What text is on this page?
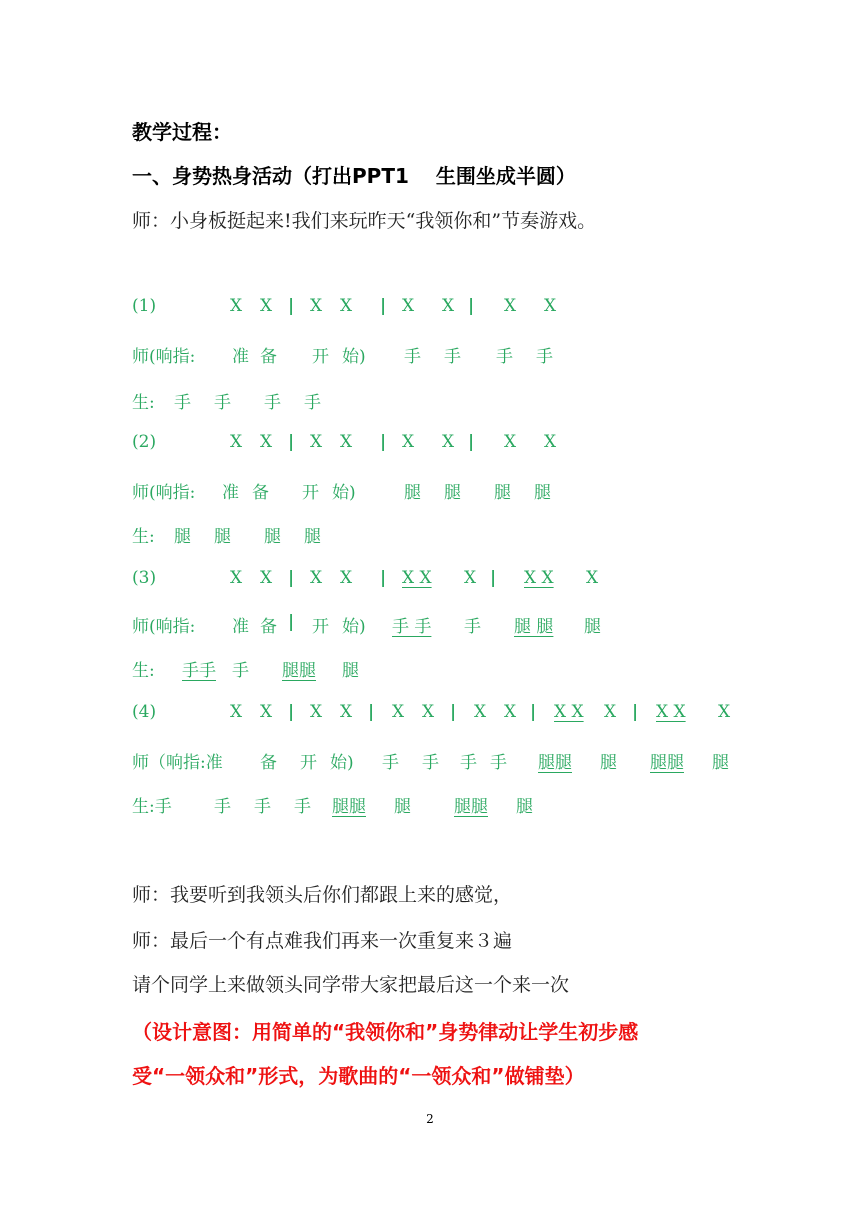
教学过程：
一、身势热身活动（打出PPT1　 生围坐成半圆）
师：小身板挺起来!我们来玩昨天“我领你和”节奏游戏。
(1)	X X | X X | X X | X X
师(响指: 准 备 开 始) 手 手 手 手
生: 手 手 手 手
(2)	X X | X X | X X | X X
师(响指: 准 备 开 始)	腿 腿 腿 腿
生: 腿 腿 腿 腿
(3)	X X | X X | X X X | X X X
师(响指: 准 备 | 开 始) 手 手 手 腿 腿 腿
生: 手手 手 腿腿 腿
(4)	X X | X X | X X | X X | X X X | X X X
师（响指:准 备 开 始) 手 手 手 手 腿腿 腿 腿腿 腿
生:手 手 手 手 腿腿 腿	腿腿 腿
师：我要听到我领头后你们都跟上来的感觉，
师：最后一个有点难我们再来一次重复来３遍
请个同学上来做领头同学带大家把最后这一个来一次
（设计意图：用简单的“我领你和”身势律动让学生初步感
受“一领众和”形式，为歌曲的“一领众和”做铺垫）
2
